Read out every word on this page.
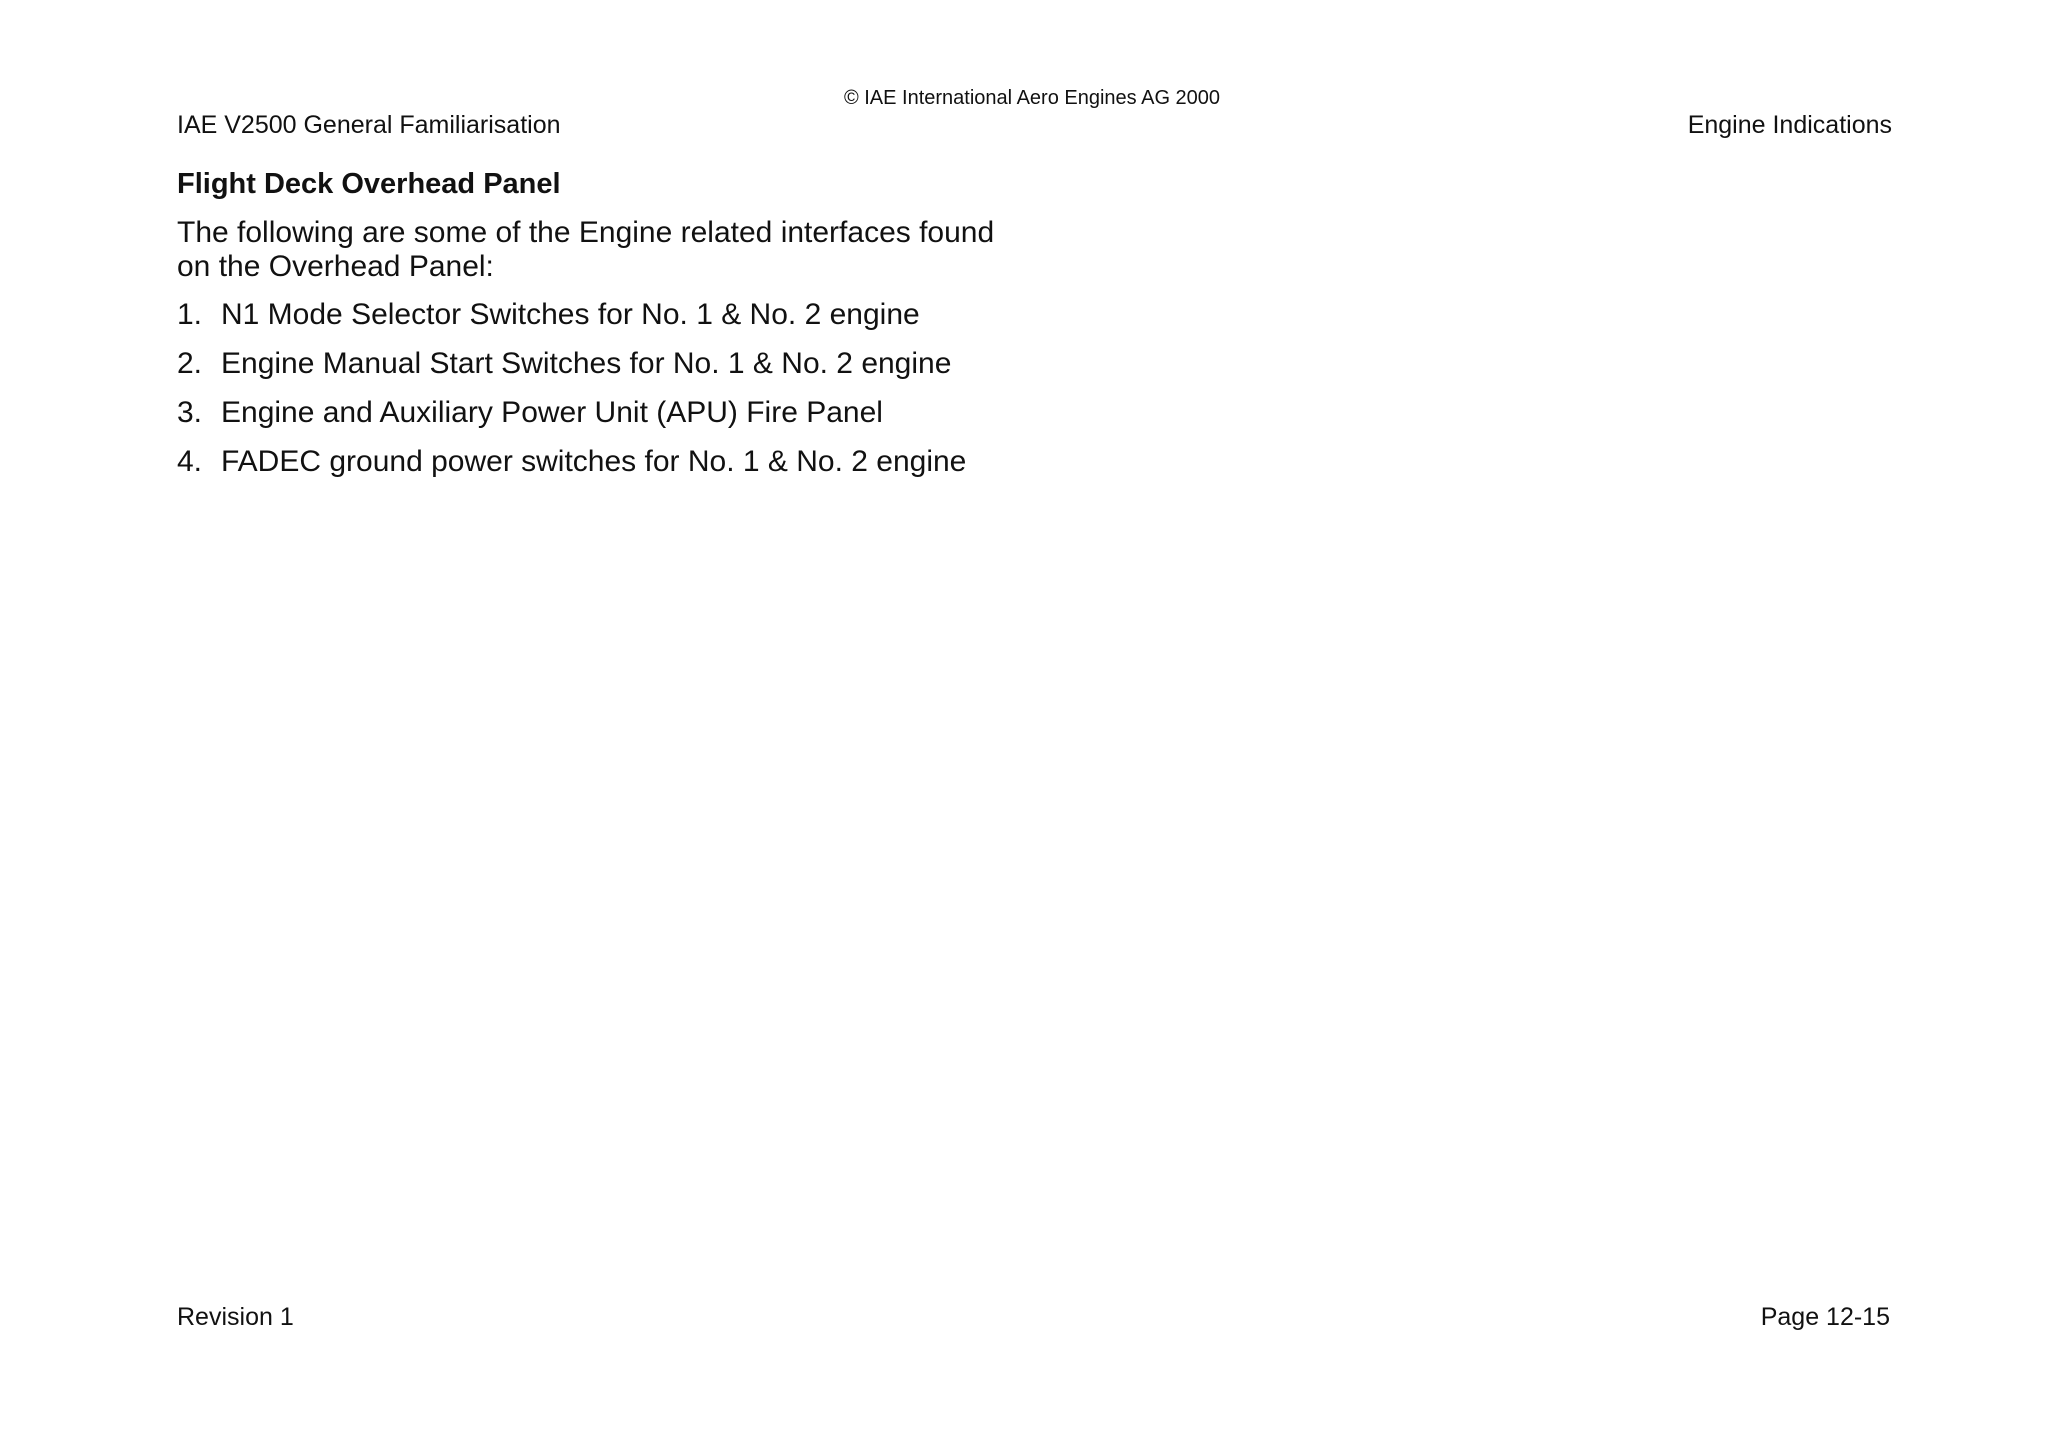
© IAE International Aero Engines AG 2000
IAE V2500 General Familiarisation	Engine Indications
Flight Deck Overhead Panel
The following are some of the Engine related interfaces found on the Overhead Panel:
1. N1 Mode Selector Switches for No. 1 & No. 2 engine
2. Engine Manual Start Switches for No. 1 & No. 2 engine
3. Engine and Auxiliary Power Unit (APU) Fire Panel
4. FADEC ground power switches for No. 1 & No. 2 engine
Revision 1	Page 12-15
